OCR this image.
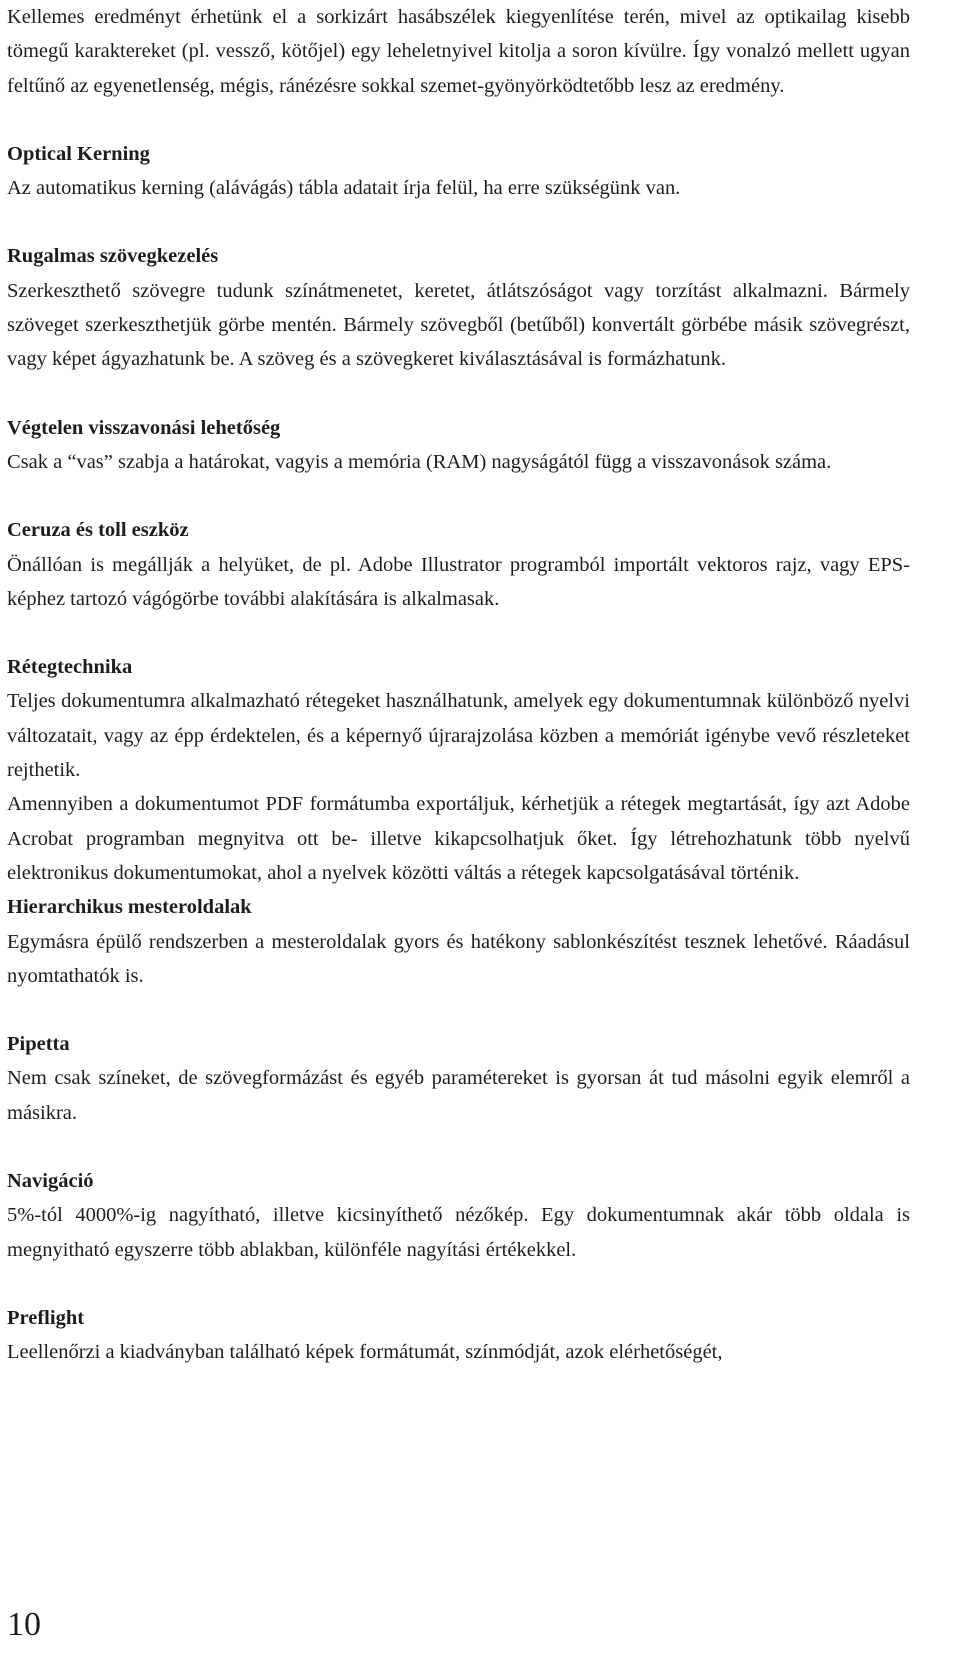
Kellemes eredményt érhetünk el a sorkizárt hasábszélek kiegyenlítése terén, mivel az optikailag kisebb tömegű karaktereket (pl. vessző, kötőjel) egy leheletnyivel kitolja a soron kívülre. Így vonalzó mellett ugyan feltűnő az egyenetlenség, mégis, ránézésre sokkal szemet-gyönyörködtetőbb lesz az eredmény.

Optical Kerning

Az automatikus kerning (alávágás) tábla adatait írja felül, ha erre szükségünk van.

Rugalmas szövegkezelés

Szerkeszthető szövegre tudunk színátmenetet, keretet, átlátszóságot vagy torzítást alkalmazni. Bármely szöveget szerkeszthetjük görbe mentén. Bármely szövegből (betűből) konvertált görbébe másik szövegrészt, vagy képet ágyazhatunk be. A szöveg és a szövegkeret kiválasztásával is formázhatunk.

Végtelen visszavonási lehetőség

Csak a “vas” szabja a határokat, vagyis a memória (RAM) nagyságától függ a visszavonások száma.

Ceruza és toll eszköz

Önállóan is megállják a helyüket, de pl. Adobe Illustrator programból importált vektoros rajz, vagy EPS-képhez tartozó vágógörbe további alakítására is alkalmasak.

Rétegtechnika

Teljes dokumentumra alkalmazható rétegeket használhatunk, amelyek egy dokumentumnak különböző nyelvi változatait, vagy az épp érdektelen, és a képernyő újrarajzolása közben a memóriát igénybe vevő részleteket rejthetik.

Amennyiben a dokumentumot PDF formátumba exportáljuk, kérhetjük a rétegek megtartását, így azt Adobe Acrobat programban megnyitva ott be- illetve kikapcsolhatjuk őket. Így létrehozhatunk több nyelvű elektronikus dokumentumokat, ahol a nyelvek közötti váltás a rétegek kapcsolgatásával történik.

Hierarchikus mesteroldalak

Egymásra épülő rendszerben a mesteroldalak gyors és hatékony sablonkészítést tesznek lehetővé. Ráadásul nyomtathatók is.

Pipetta

Nem csak színeket, de szövegformázást és egyéb paramétereket is gyorsan át tud másolni egyik elemről a másikra.

Navigáció

5%-tól 4000%-ig nagyítható, illetve kicsinyíthető nézőkép. Egy dokumentumnak akár több oldala is megnyitható egyszerre több ablakban, különféle nagyítási értékekkel.

Preflight

Leellenőrzi a kiadványban található képek formátumát, színmódját, azok elérhetőségét,

10
